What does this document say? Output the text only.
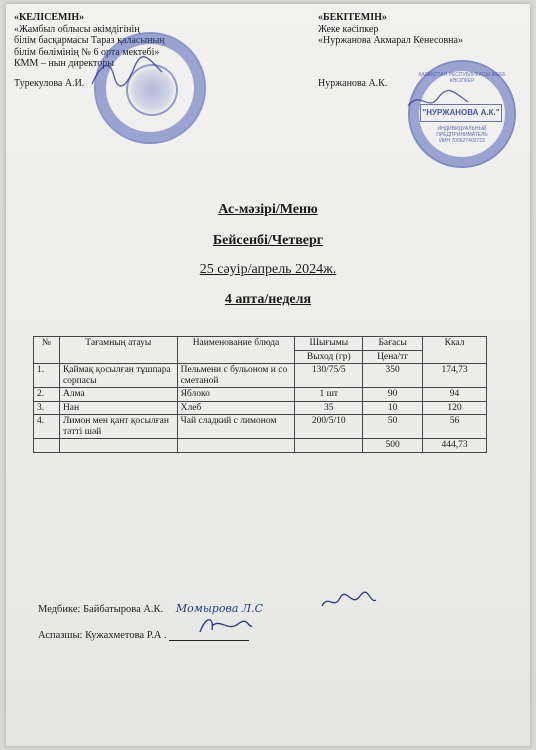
«КЕЛІСЕМІН»
«Жамбыл облысы әкімдігінің
білім басқармасы Тараз қаласының
білім бөлімінің № 6 орта мектебі»
КММ – нын директоры
Турекулова А.И.
«БЕКІТЕМІН»
Жеке кәсіпкер
«Нуржанова Акмарал Кенесовна»
Нуржанова А.К.
ҚАЗАҚСТАН РЕСПУБЛИКАСЫ ЖЕКЕ КӘСІПКЕР
"НУРЖАНОВА А.К."
ИНДИВИДУАЛЬНЫЙ
ПРЕДПРИНИМАТЕЛЬ
ИИН 700627402723
Ас-мәзірі/Меню
Бейсенбі/Четверг
25 сәуір/апрель 2024ж.
4 апта/неделя
№	Тағамның атауы	Наименование блюда	Шығымы	Бағасы	Ккал
			Выход (гр)	Цена/тг	
1.	Қаймақ қосылған тұшпара сорпасы	Пельмени с бульоном и со сметаной	130/75/5	350	174,73
2.	Алма	Яблоко	1 шт	90	94
3.	Нан	Хлеб	35	10	120
4.	Лимон мен қант қосылған тәтті шәй	Чай сладкий с лимоном	200/5/10	50	56
				500	444,73
Медбике: Байбатырова А.К. Момырова Л.С
Аспазшы: Кужахметова Р.А .
